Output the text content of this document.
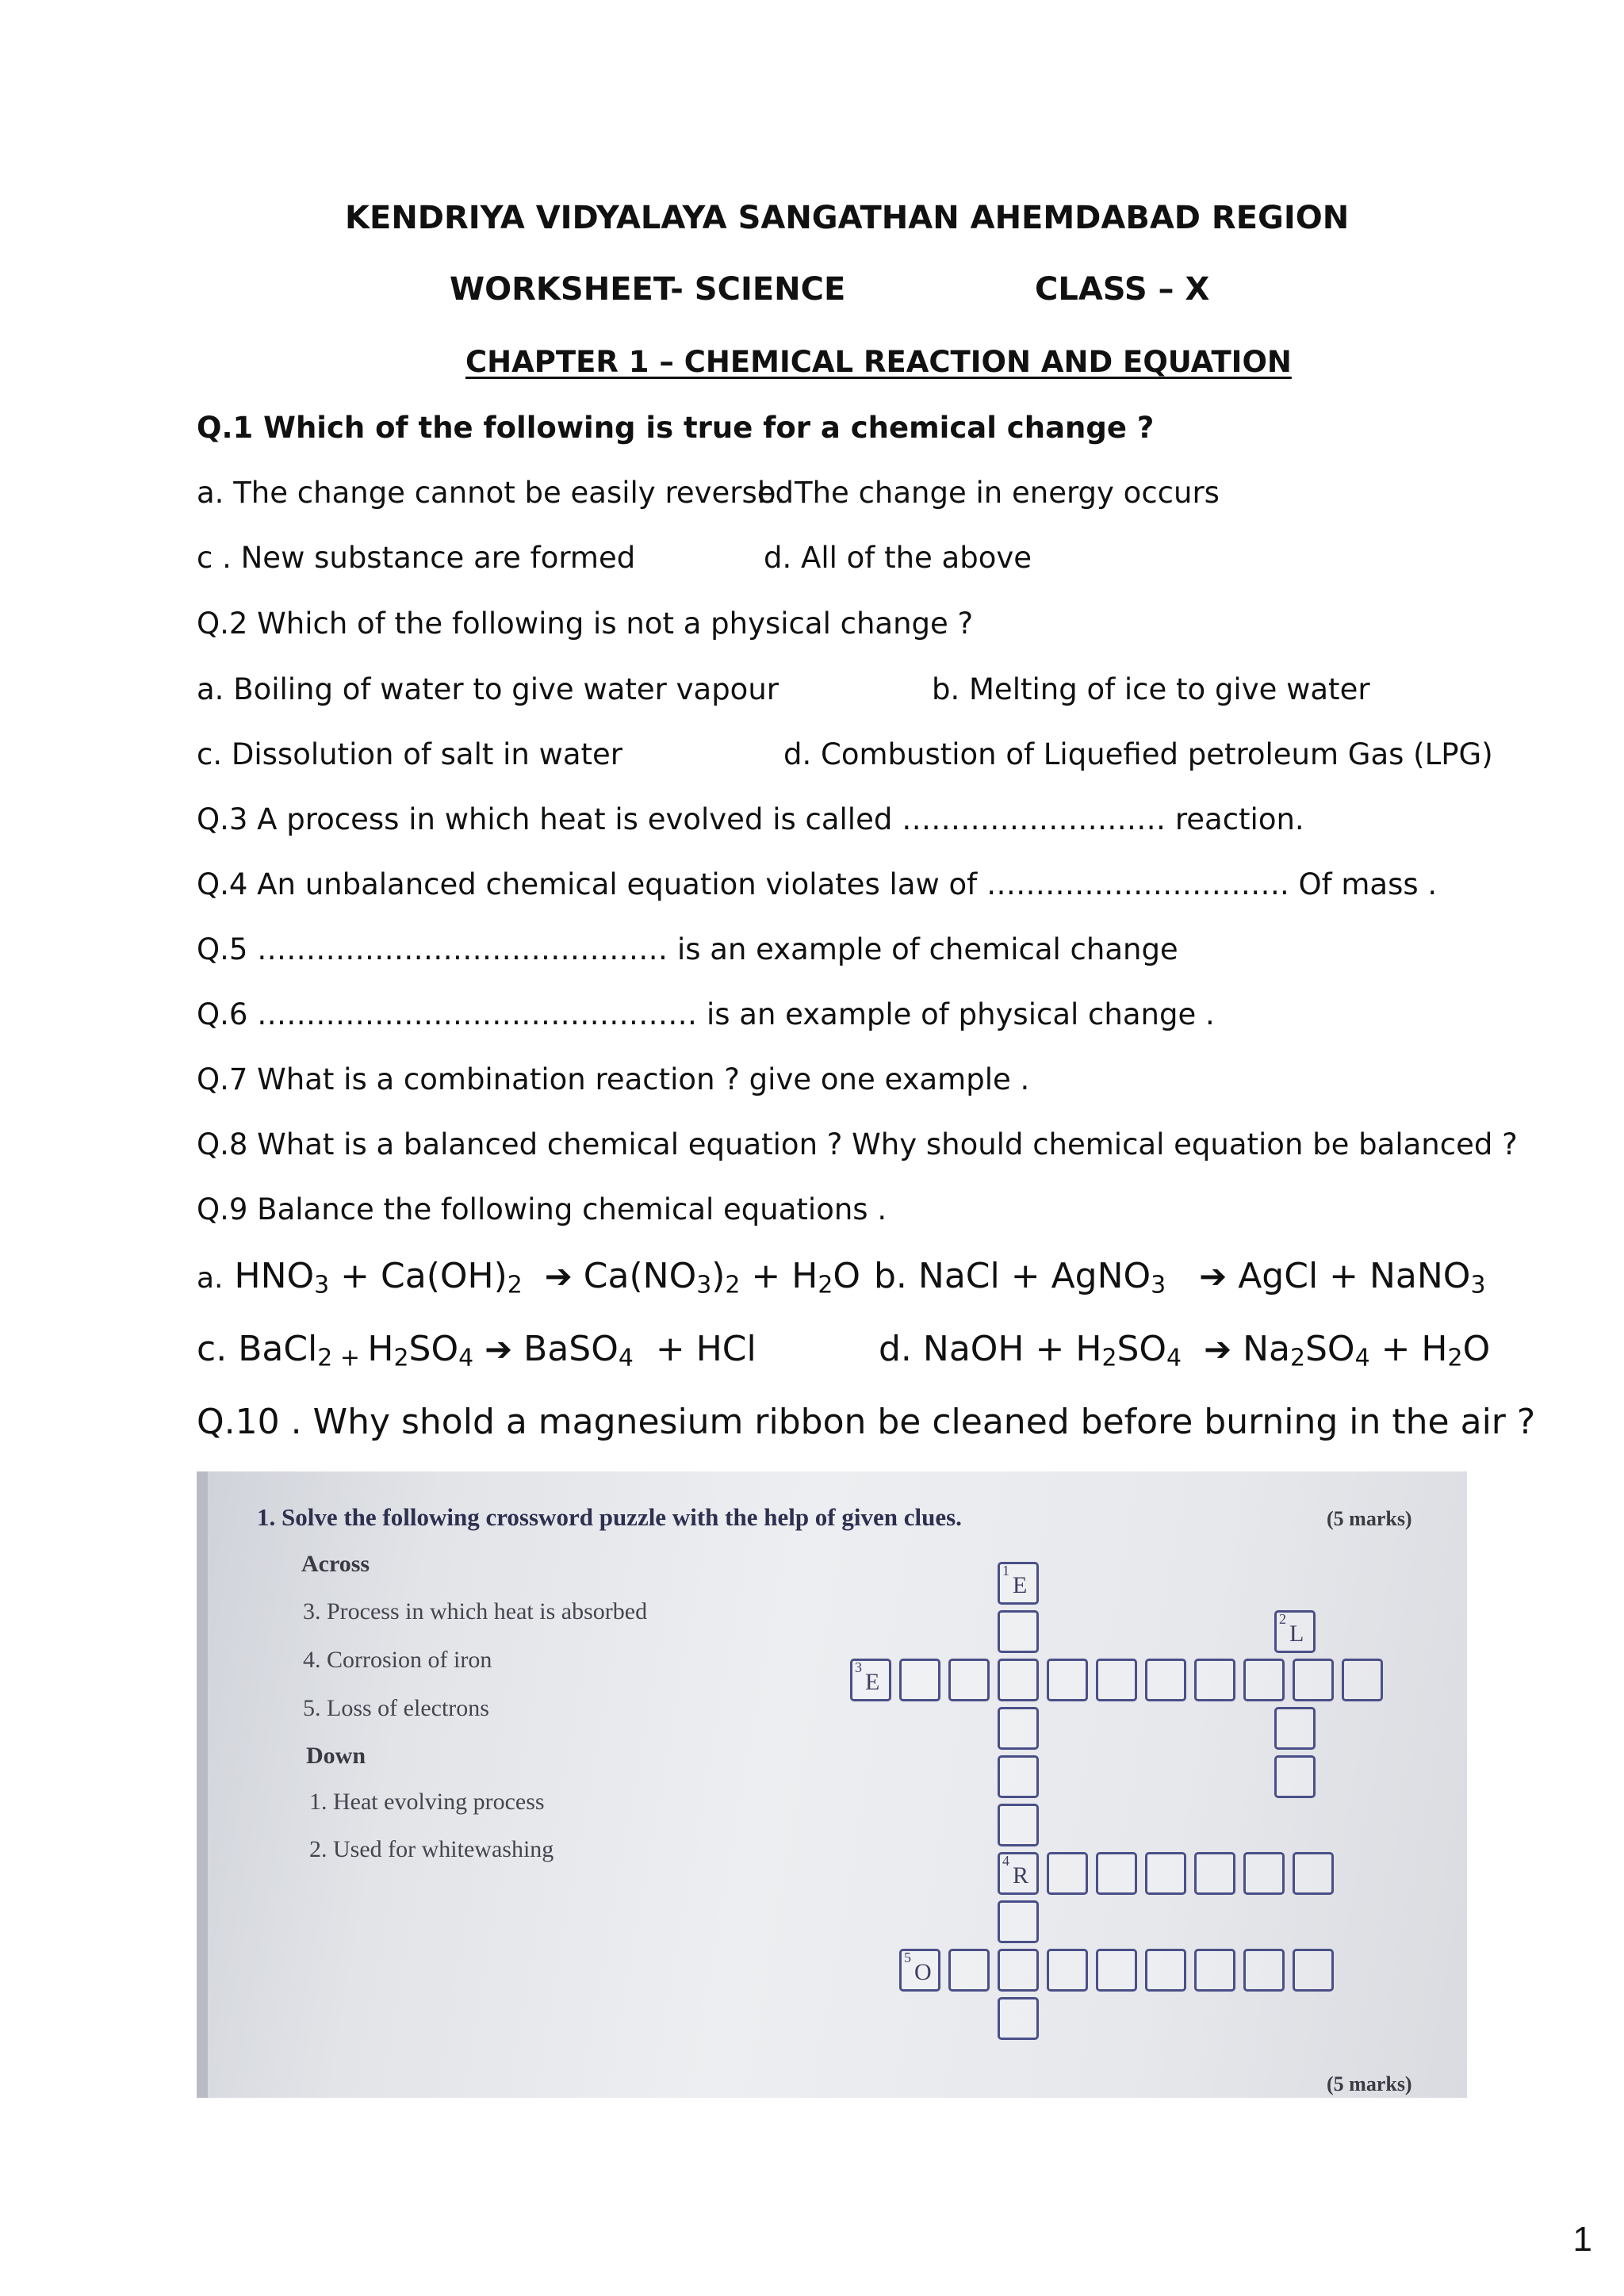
KENDRIYA VIDYALAYA SANGATHAN AHEMDABAD REGION
WORKSHEET- SCIENCE	CLASS – X
CHAPTER 1 – CHEMICAL REACTION AND EQUATION
Q.1 Which of the following is true for a chemical change ?
a. The change cannot be easily reversed
b. The change in energy occurs
c . New substance are formed	d. All of the above
Q.2 Which of the following is not a physical change ?
a. Boiling of water to give water vapour	b. Melting of ice to give water
c. Dissolution of salt in water	d. Combustion of Liquefied petroleum Gas (LPG)
Q.3 A process in which heat is evolved is called ……………………… reaction.
Q.4 An unbalanced chemical equation violates law of …………………………. Of mass .
Q.5 …………………………………… is an example of chemical change
Q.6 ……………………………………… is an example of physical change .
Q.7 What is a combination reaction ? give one example .
Q.8 What is a balanced chemical equation ? Why should chemical equation be balanced ?
Q.9 Balance the following chemical equations .
a. $HNO_3 + Ca(OH)_2$ ➔ $Ca(NO_3)_2 + H_2O$ b. NaCl + AgNO$_3$ ➔ AgCl + NaNO$_3$
c. BaCl$_{2 +}$ $H_2SO_4$ ➔ BaSO$_4$  + HCl	d. NaOH + $H_2SO_4$ ➔ $Na_2SO_4 + H_2O$
Q.10 . Why shold a magnesium ribbon be cleaned before burning in the air ?
1. Solve the following crossword puzzle with the help of given clues.	(5 marks)
Across
3. Process in which heat is absorbed
4. Corrosion of iron
5. Loss of electrons
Down
1. Heat evolving process
2. Used for whitewashing
(5 marks)
1
E
2
L
3
E
4
R
5
O
1
